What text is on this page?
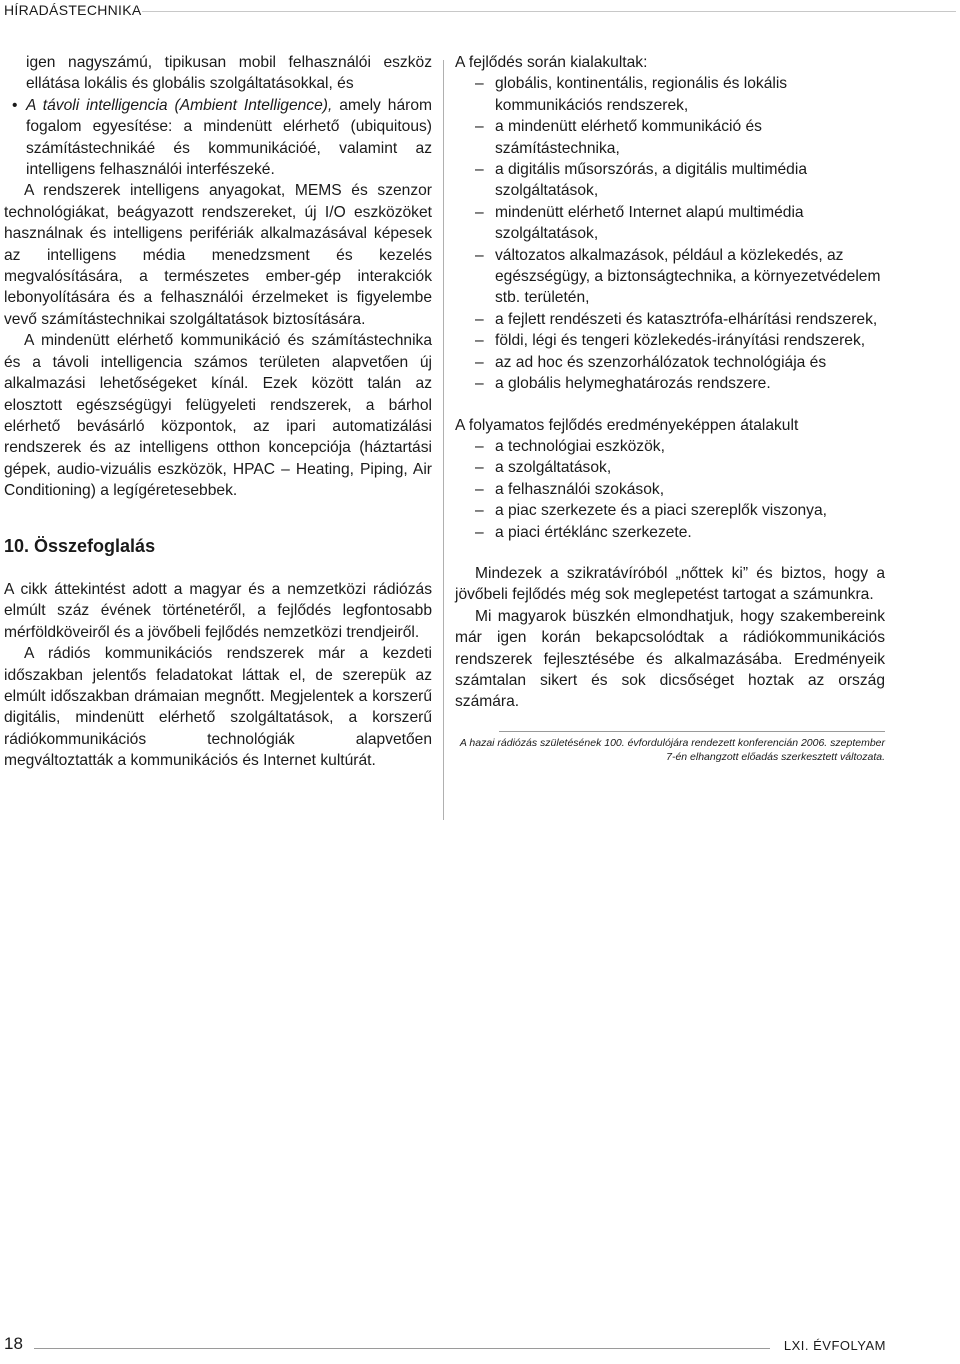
HÍRADÁSTECHNIKA

igen nagyszámú, tipikusan mobil felhasználói eszköz ellátása lokális és globális szolgáltatásokkal, és

• A távoli intelligencia (Ambient Intelligence), amely három fogalom egyesítése: a mindenütt elérhető (ubiquitous) számítástechnikáé és kommunikációé, valamint az intelligens felhasználói interfészeké.

A rendszerek intelligens anyagokat, MEMS és szenzor technológiákat, beágyazott rendszereket, új I/O eszközöket használnak és intelligens perifériák alkalmazásával képesek az intelligens média menedzsment és kezelés megvalósítására, a természetes ember-gép interakciók lebonyolítására és a felhasználói érzelmeket is figyelembe vevő számítástechnikai szolgáltatások biztosítására.

A mindenütt elérhető kommunikáció és számítástechnika és a távoli intelligencia számos területen alapvetően új alkalmazási lehetőségeket kínál. Ezek között talán az elosztott egészségügyi felügyeleti rendszerek, a bárhol elérhető bevásárló központok, az ipari automatizálási rendszerek és az intelligens otthon koncepciója (háztartási gépek, audio-vizuális eszközök, HPAC – Heating, Piping, Air Conditioning) a legígéretesebbek.

10. Összefoglalás

A cikk áttekintést adott a magyar és a nemzetközi rádiózás elmúlt száz évének történetéről, a fejlődés legfontosabb mérföldköveiről és a jövőbeli fejlődés nemzetközi trendjeiről.

A rádiós kommunikációs rendszerek már a kezdeti időszakban jelentős feladatokat láttak el, de szerepük az elmúlt időszakban drámaian megnőtt. Megjelentek a korszerű digitális, mindenütt elérhető szolgáltatások, a korszerű rádiókommunikációs technológiák alapvetően megváltoztatták a kommunikációs és Internet kultúrát.

A fejlődés során kialakultak:

– globális, kontinentális, regionális és lokális kommunikációs rendszerek,
– a mindenütt elérhető kommunikáció és számítástechnika,
– a digitális műsorszórás, a digitális multimédia szolgáltatások,
– mindenütt elérhető Internet alapú multimédia szolgáltatások,
– változatos alkalmazások, például a közlekedés, az egészségügy, a biztonságtechnika, a környezetvédelem stb. területén,
– a fejlett rendészeti és katasztrófa-elhárítási rendszerek,
– földi, légi és tengeri közlekedés-irányítási rendszerek,
– az ad hoc és szenzorhálózatok technológiája és
– a globális helymeghatározás rendszere.

A folyamatos fejlődés eredményeképpen átalakult

– a technológiai eszközök,
– a szolgáltatások,
– a felhasználói szokások,
– a piac szerkezete és a piaci szereplők viszonya,
– a piaci értéklánc szerkezete.

Mindezek a szikratávíróból „nőttek ki” és biztos, hogy a jövőbeli fejlődés még sok meglepetést tartogat a számunkra.

Mi magyarok büszkén elmondhatjuk, hogy szakembereink már igen korán bekapcsolódtak a rádiókommunikációs rendszerek fejlesztésébe és alkalmazásába. Eredményeik számtalan sikert és sok dicsőséget hoztak az ország számára.

A hazai rádiózás születésének 100. évfordulójára rendezett konferencián 2006. szeptember 7-én elhangzott előadás szerkesztett változata.

18	LXI. ÉVFOLYAM
